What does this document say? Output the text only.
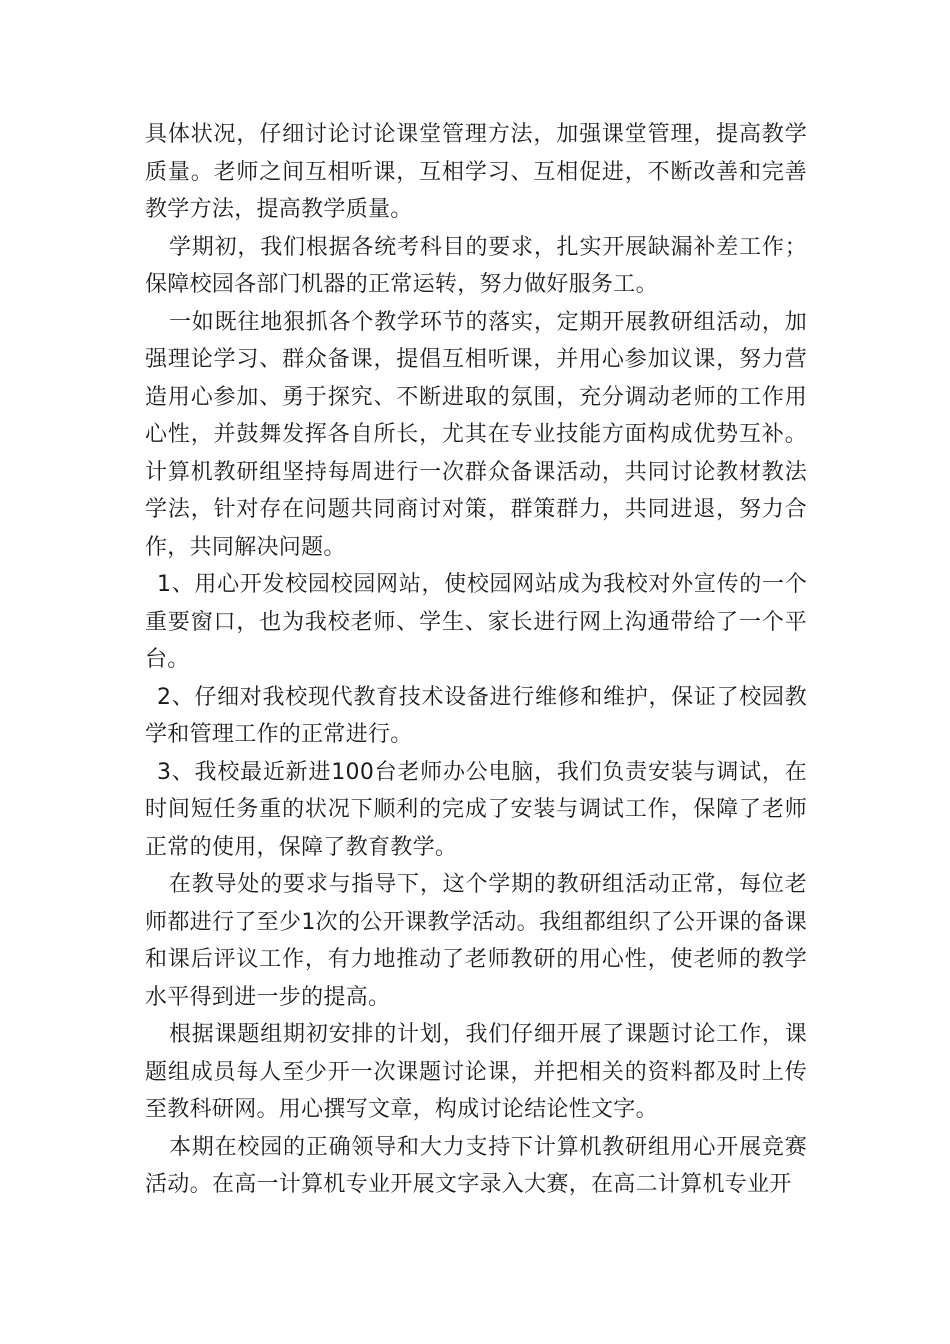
具体状况，仔细讨论讨论课堂管理方法，加强课堂管理，提高教学质量。老师之间互相听课，互相学习、互相促进，不断改善和完善教学方法，提高教学质量。

学期初，我们根据各统考科目的要求，扎实开展缺漏补差工作；保障校园各部门机器的正常运转，努力做好服务工。

一如既往地狠抓各个教学环节的落实，定期开展教研组活动，加强理论学习、群众备课，提倡互相听课，并用心参加议课，努力营造用心参加、勇于探究、不断进取的氛围，充分调动老师的工作用心性，并鼓舞发挥各自所长，尤其在专业技能方面构成优势互补。计算机教研组坚持每周进行一次群众备课活动，共同讨论教材教法学法，针对存在问题共同商讨对策，群策群力，共同进退，努力合作，共同解决问题。

1、用心开发校园校园网站，使校园网站成为我校对外宣传的一个重要窗口，也为我校老师、学生、家长进行网上沟通带给了一个平台。

2、仔细对我校现代教育技术设备进行维修和维护，保证了校园教学和管理工作的正常进行。

3、我校最近新进100台老师办公电脑，我们负责安装与调试，在时间短任务重的状况下顺利的完成了安装与调试工作，保障了老师正常的使用，保障了教育教学。

在教导处的要求与指导下，这个学期的教研组活动正常，每位老师都进行了至少1次的公开课教学活动。我组都组织了公开课的备课和课后评议工作，有力地推动了老师教研的用心性，使老师的教学水平得到进一步的提高。

根据课题组期初安排的计划，我们仔细开展了课题讨论工作，课题组成员每人至少开一次课题讨论课，并把相关的资料都及时上传至教科研网。用心撰写文章，构成讨论结论性文字。

本期在校园的正确领导和大力支持下计算机教研组用心开展竞赛活动。在高一计算机专业开展文字录入大赛，在高二计算机专业开
